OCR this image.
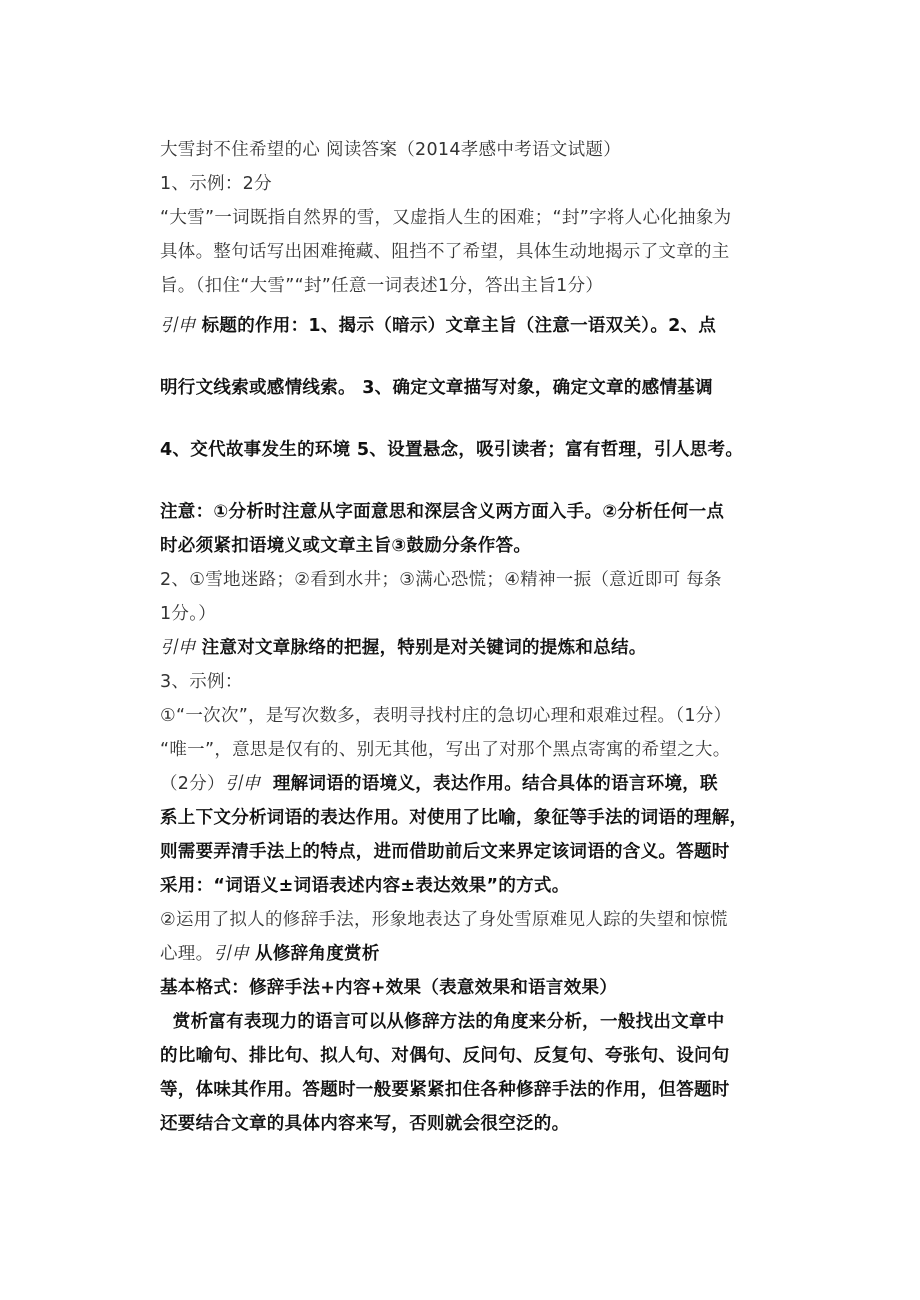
大雪封不住希望的心 阅读答案（2014孝感中考语文试题）
1、示例：2分
“大雪”一词既指自然界的雪，又虚指人生的困难；“封”字将人心化抽象为
具体。整句话写出困难掩藏、阻挡不了希望，具体生动地揭示了文章的主
旨。（扣住“大雪”“封”任意一词表述1分，答出主旨1分）
引申 标题的作用：1、揭示（暗示）文章主旨（注意一语双关）。2、点
明行文线索或感情线索。 3、确定文章描写对象，确定文章的感情基调
4、交代故事发生的环境 5、设置悬念，吸引读者；富有哲理，引人思考。
注意：①分析时注意从字面意思和深层含义两方面入手。②分析任何一点
时必须紧扣语境义或文章主旨③鼓励分条作答。
2、①雪地迷路；②看到水井；③满心恐慌；④精神一振（意近即可 每条
1分。）
引申 注意对文章脉络的把握，特别是对关键词的提炼和总结。
3、示例：
①“一次次”，是写次数多，表明寻找村庄的急切心理和艰难过程。（1分）
“唯一”，意思是仅有的、别无其他，写出了对那个黑点寄寓的希望之大。
（2分）引申 理解词语的语境义，表达作用。结合具体的语言环境，联
系上下文分析词语的表达作用。对使用了比喻，象征等手法的词语的理解，
则需要弄清手法上的特点，进而借助前后文来界定该词语的含义。答题时
采用：“词语义±词语表述内容±表达效果”的方式。
②运用了拟人的修辞手法，形象地表达了身处雪原难见人踪的失望和惊慌
心理。引申 从修辞角度赏析
基本格式：修辞手法+内容+效果（表意效果和语言效果）
赏析富有表现力的语言可以从修辞方法的角度来分析，一般找出文章中
的比喻句、排比句、拟人句、对偶句、反问句、反复句、夸张句、设问句
等，体味其作用。答题时一般要紧紧扣住各种修辞手法的作用，但答题时
还要结合文章的具体内容来写，否则就会很空泛的。
